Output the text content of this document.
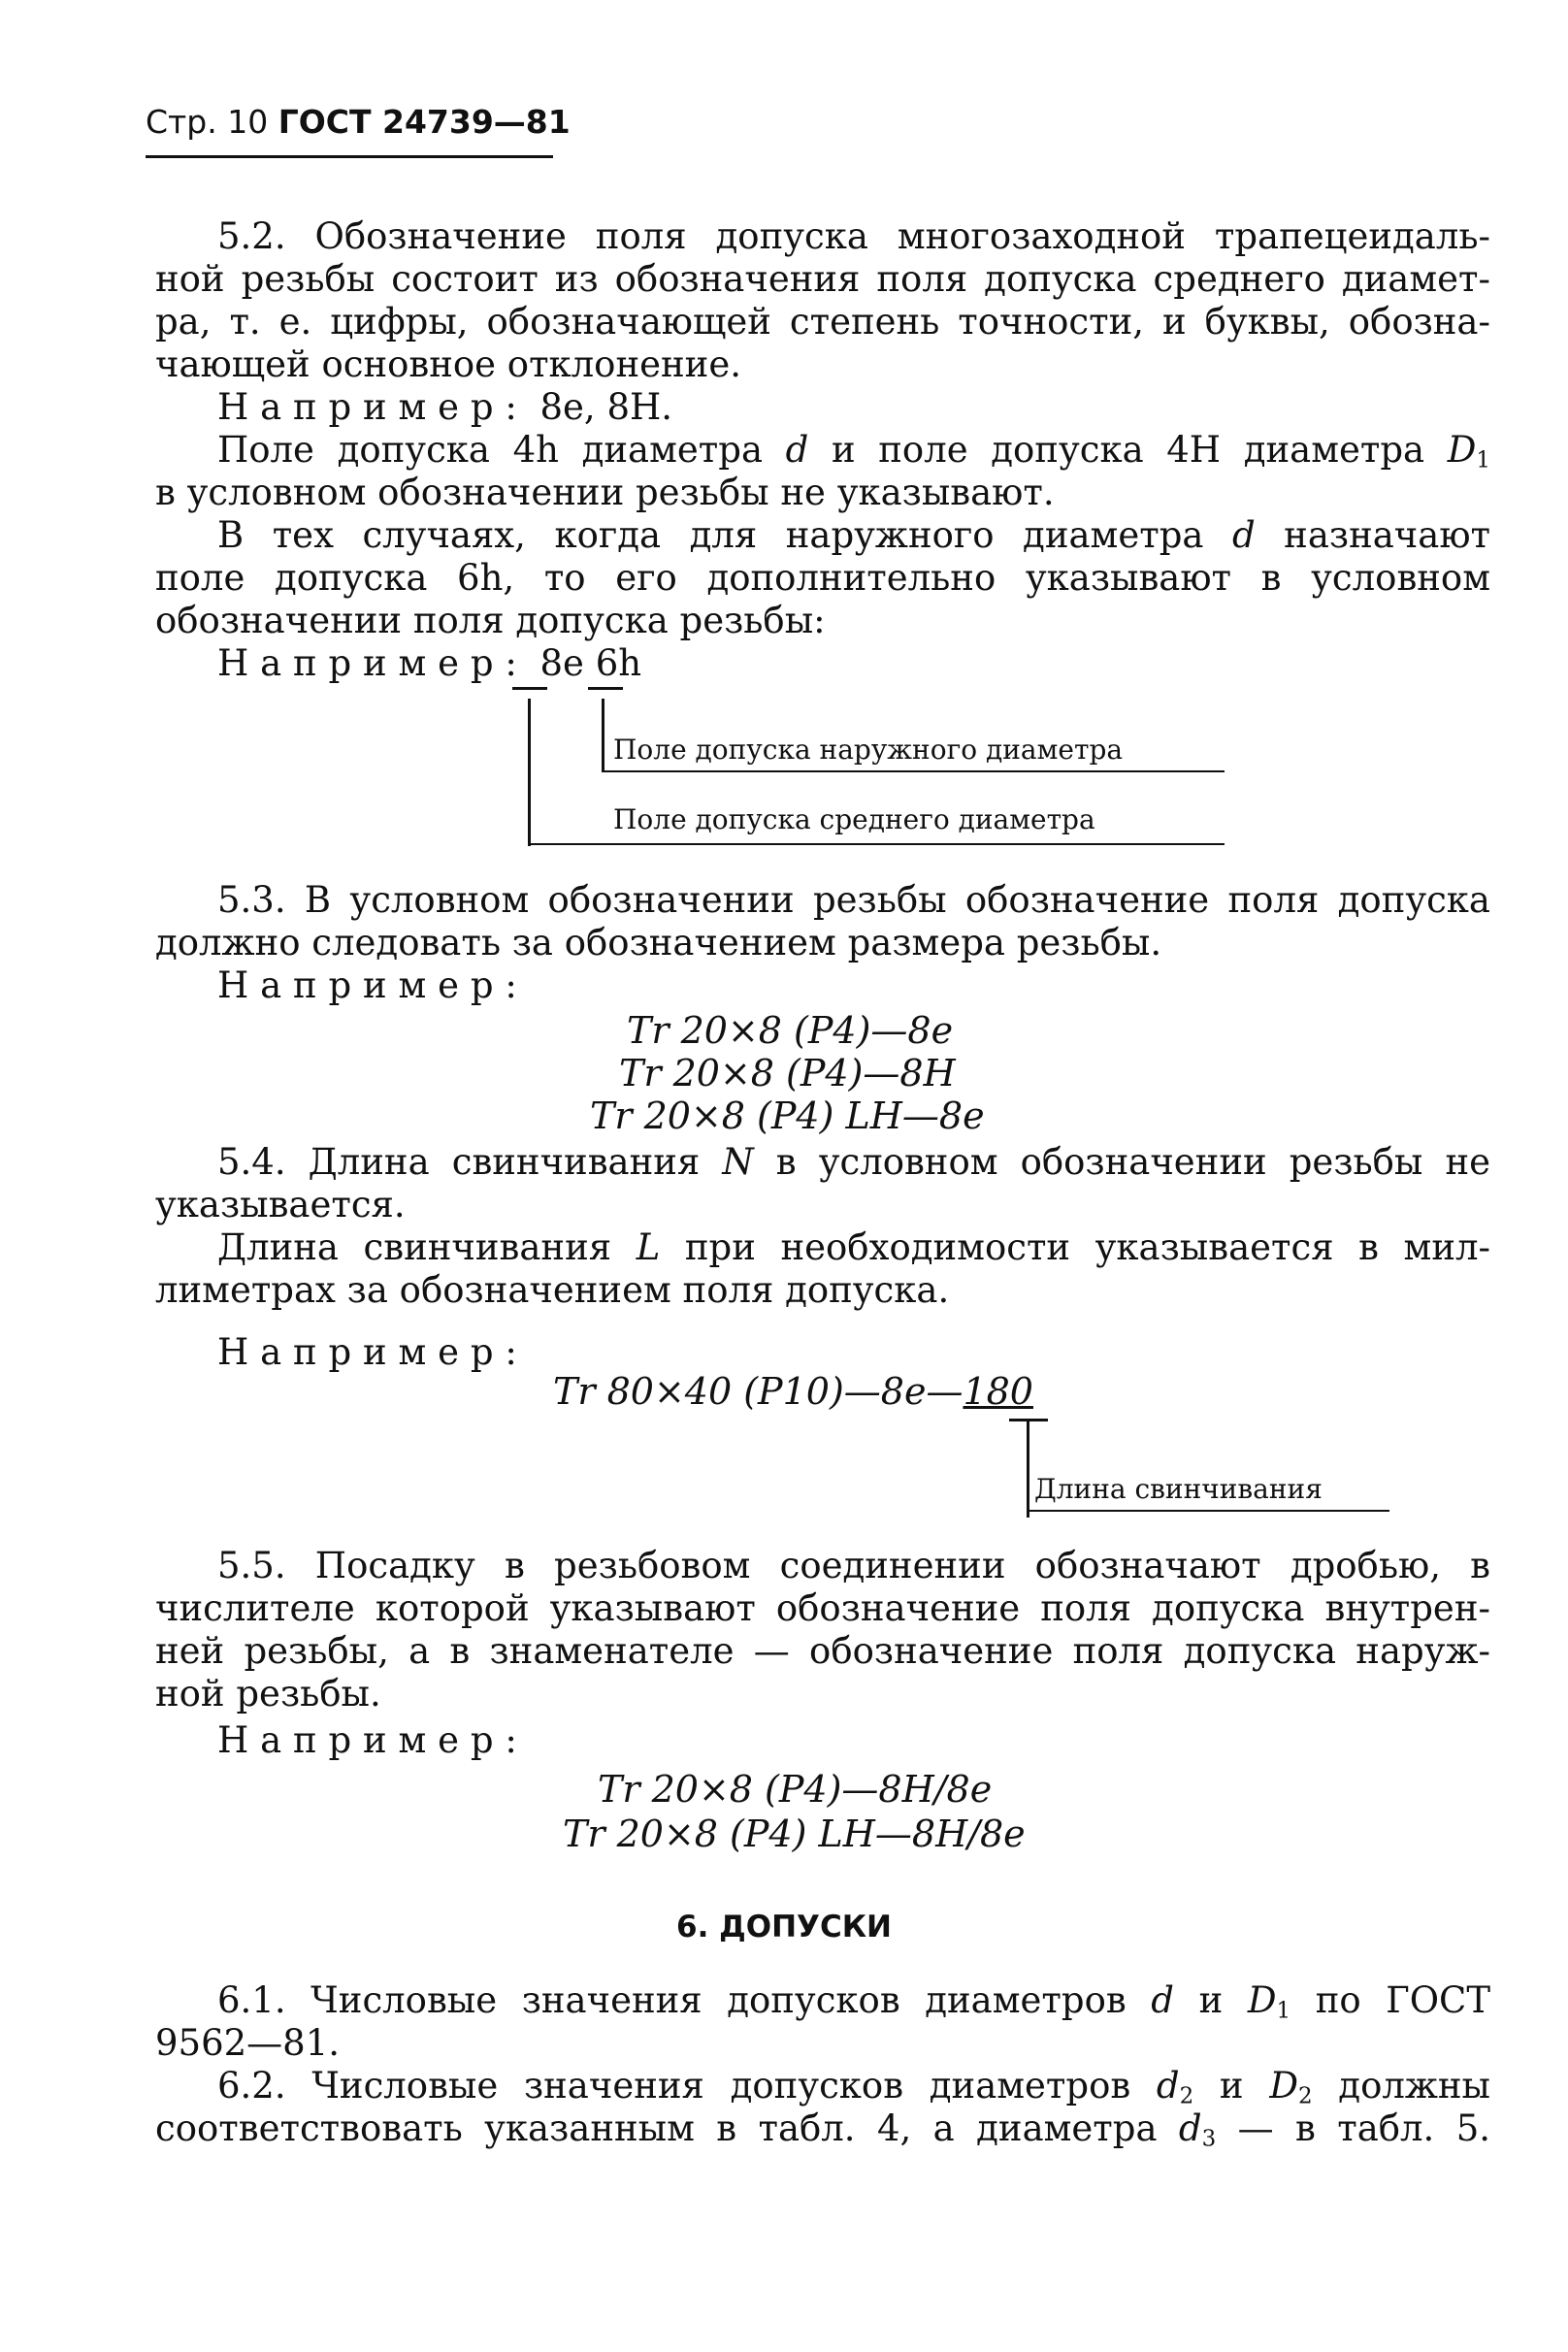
Стр. 10 ГОСТ 24739—81
5.2. Обозначение поля допуска многозаходной трапецеидаль-
ной резьбы состоит из обозначения поля допуска среднего диамет-
ра, т. е. цифры, обозначающей степень точности, и буквы, обозна-
чающей основное отклонение.
Например: 8е, 8Н.
Поле допуска 4h диаметра d и поле допуска 4Н диаметра $D_1$
в условном обозначении резьбы не указывают.
В тех случаях, когда для наружного диаметра d назначают
поле допуска 6h, то его дополнительно указывают в условном
обозначении поля допуска резьбы:
Например: 8е 6h
Поле допуска наружного диаметра
Поле допуска среднего диаметра
5.3. В условном обозначении резьбы обозначение поля допуска
должно следовать за обозначением размера резьбы.
Например:
Tr 20×8 (P4)—8e
Tr 20×8 (P4)—8H
Tr 20×8 (P4) LH—8e
5.4. Длина свинчивания N в условном обозначении резьбы не
указывается.
Длина свинчивания L при необходимости указывается в мил-
лиметрах за обозначением поля допуска.
Например:
Tr 80×40 (P10)—8e—180
Длина свинчивания
5.5. Посадку в резьбовом соединении обозначают дробью, в
числителе которой указывают обозначение поля допуска внутрен-
ней резьбы, а в знаменателе — обозначение поля допуска наруж-
ной резьбы.
Например:
Tr 20×8 (P4)—8H/8e
Tr 20×8 (P4) LH—8H/8e
6. ДОПУСКИ
6.1. Числовые значения допусков диаметров d и $D_1$ по ГОСТ
9562—81.
6.2. Числовые значения допусков диаметров $d_2$ и $D_2$ должны
соответствовать указанным в табл. 4, а диаметра $d_3$ — в табл. 5.
